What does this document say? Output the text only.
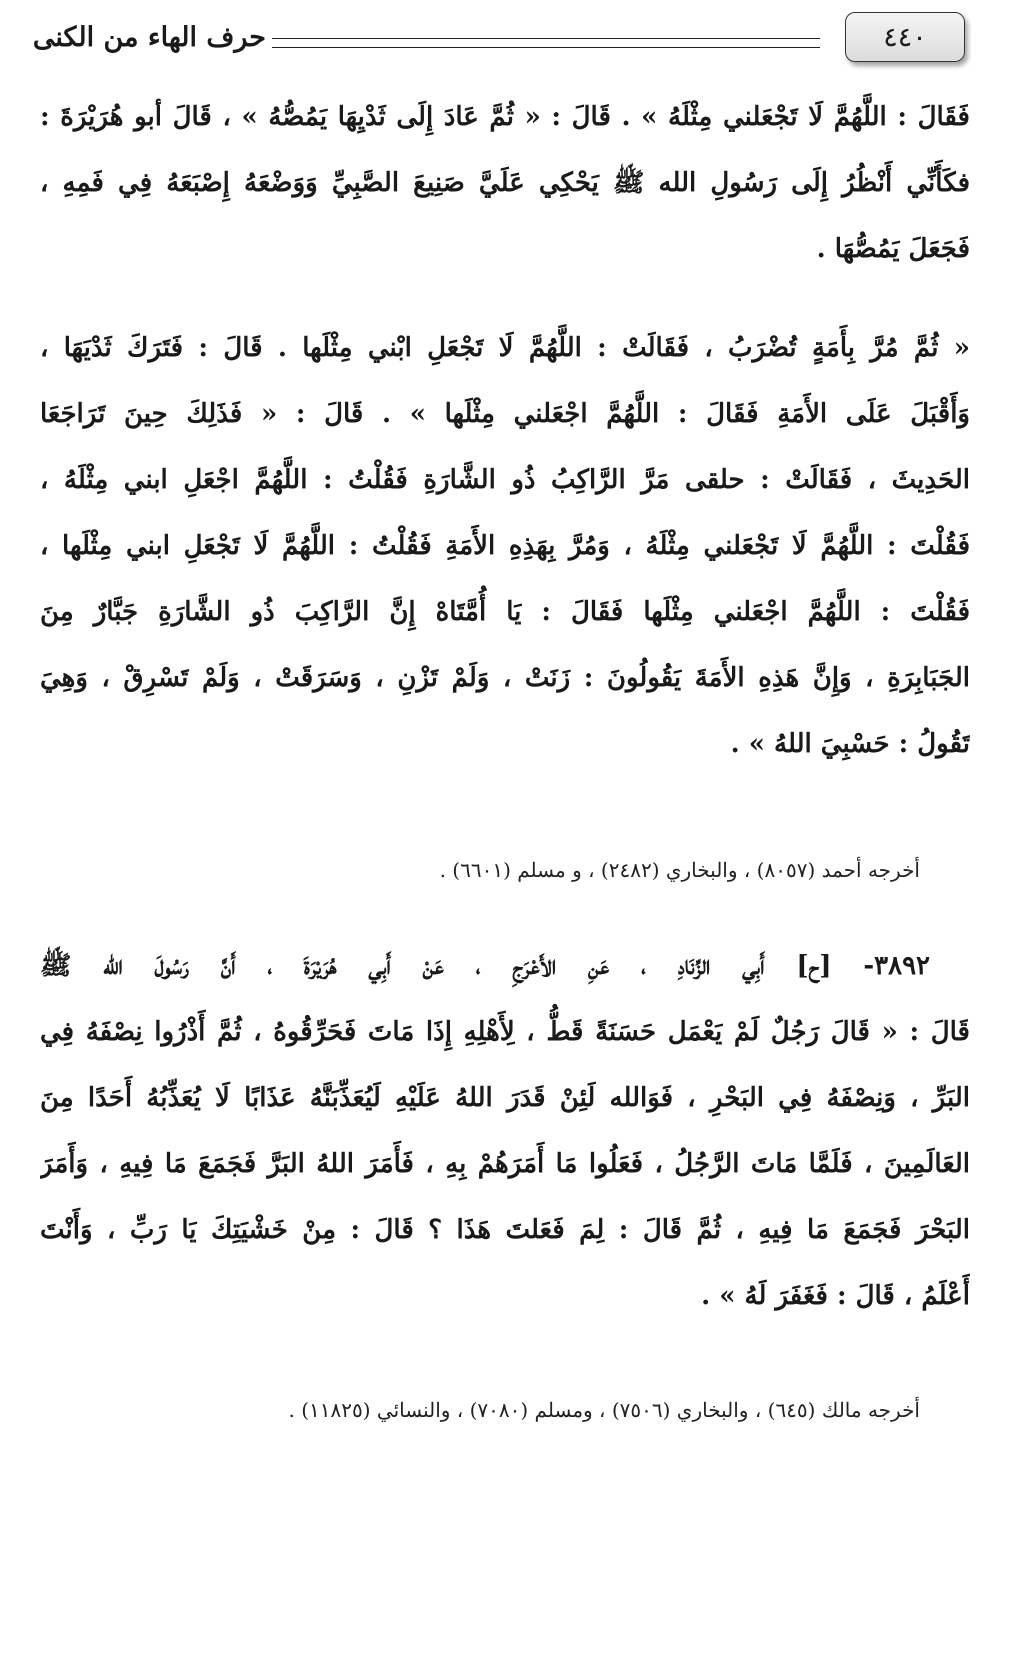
٤٤٠
حرف الهاء من الكنى
فَقَالَ : اللَّهُمَّ لَا تَجْعَلني مِثْلَهُ » . قَالَ : « ثُمَّ عَادَ إِلَى ثَدْيِهَا يَمُصُّهُ » ، قَالَ أبو هُرَيْرَةَ :
فكَأَنِّي أَنْظُرُ إِلَى رَسُولِ الله ﷺ يَحْكِي عَلَيَّ صَنِيعَ الصَّبِيِّ وَوَضْعَهُ إِصْبَعَهُ فِي فَمِهِ ،
فَجَعَلَ يَمُصُّهَا .
« ثُمَّ مُرَّ بِأَمَةٍ تُضْرَبُ ، فَقَالَتْ : اللَّهُمَّ لَا تَجْعَلِ ابْني مِثْلَها . قَالَ : فَتَرَكَ ثَدْيَهَا ،
وَأَقْبَلَ عَلَى الأَمَةِ فَقَالَ : اللَّهُمَّ اجْعَلني مِثْلَها » . قَالَ : « فَذَلِكَ حِينَ تَرَاجَعَا
الحَدِيثَ ، فَقَالَتْ : حلقى مَرَّ الرَّاكِبُ ذُو الشَّارَةِ فَقُلْتُ : اللَّهُمَّ اجْعَلِ ابني مِثْلَهُ ،
فَقُلْتَ : اللَّهُمَّ لَا تَجْعَلني مِثْلَهُ ، وَمُرَّ بِهَذِهِ الأَمَةِ فَقُلْتُ : اللَّهُمَّ لَا تَجْعَلِ ابني مِثْلَها ،
فَقُلْتَ : اللَّهُمَّ اجْعَلني مِثْلَها فَقَالَ : يَا أُمَّتَاهْ إِنَّ الرَّاكِبَ ذُو الشَّارَةِ جَبَّارٌ مِنَ
الجَبَابِرَةِ ، وَإِنَّ هَذِهِ الأَمَةَ يَقُولُونَ : زَنَتْ ، وَلَمْ تَزْنِ ، وَسَرَقَتْ ، وَلَمْ تَسْرِقْ ، وَهِيَ
تَقُولُ : حَسْبِيَ اللهُ » .
أخرجه أحمد (٨٠٥٧) ، والبخاري (٢٤٨٢) ، و مسلم (٦٦٠١) .
٣٨٩٢- [ح] أَبِي الزِّنَادِ ، عَنِ الأَعْرَجِ ، عَنْ أَبِي هُرَيْرَةَ ، أَنَّ رَسُولَ الله ﷺ
قَالَ : « قَالَ رَجُلٌ لَمْ يَعْمَل حَسَنَةً قَطُّ ، لِأَهْلِهِ إِذَا مَاتَ فَحَرِّقُوهُ ، ثُمَّ أَذْرُوا نِصْفَهُ فِي
البَرِّ ، وَنِصْفَهُ فِي البَحْرِ ، فَوَالله لَئِنْ قَدَرَ اللهُ عَلَيْهِ لَيُعَذِّبَنَّهُ عَذَابًا لَا يُعَذِّبُهُ أَحَدًا مِنَ
العَالَمِينَ ، فَلَمَّا مَاتَ الرَّجُلُ ، فَعَلُوا مَا أَمَرَهُمْ بِهِ ، فَأَمَرَ اللهُ البَرَّ فَجَمَعَ مَا فِيهِ ، وَأَمَرَ
البَحْرَ فَجَمَعَ مَا فِيهِ ، ثُمَّ قَالَ : لِمَ فَعَلتَ هَذَا ؟ قَالَ : مِنْ خَشْيَتِكَ يَا رَبِّ ، وَأَنْتَ
أَعْلَمُ ، قَالَ : فَغَفَرَ لَهُ » .
أخرجه مالك (٦٤٥) ، والبخاري (٧٥٠٦) ، ومسلم (٧٠٨٠) ، والنسائي (١١٨٢٥) .
